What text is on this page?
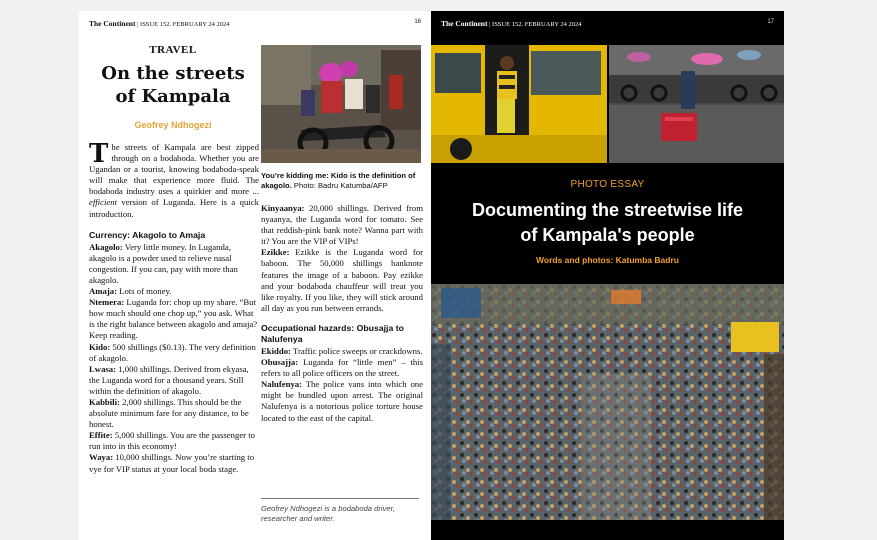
The Continent | ISSUE 152. FEBRUARY 24 2024	16
TRAVEL
On the streets
of Kampala
Geofrey Ndhogezi

The streets of Kampala are best zipped through on a bodaboda. Whether you are Ugandan or a tourist, knowing bodaboda-speak will make that experience more fluid. The bodaboda industry uses a quirkier and more ... efficient version of Luganda. Here is a quick introduction.

Currency: Akagolo to Amaja

Akagolo: Very little money. In Luganda, akagolo is a powder used to relieve nasal congestion. If you can, pay with more than akagolo.

Amaja: Lots of money.

Ntemera: Luganda for: chop up my share. “But how much should one chop up,” you ask. What is the right balance between akagolo and amaja? Keep reading.

Kido: 500 shillings ($0.13). The very definition of akagolo.

Lwasa: 1,000 shillings. Derived from ekyasa, the Luganda word for a thousand years. Still within the definition of akagolo.

Kabbili: 2,000 shillings. This should be the absolute minimum fare for any distance, to be honest.

Effite: 5,000 shillings. You are the passenger to run into in this economy!

Waya: 10,000 shillings. Now you’re starting to vye for VIP status at your local boda stage.

You’re kidding me: Kido is the definition of akagolo. Photo: Badru Katumba/AFP

Kinyaanya: 20,000 shillings. Derived from nyaanya, the Luganda word for tomato. See that reddish-pink bank note? Wanna part with it? You are the VIP of VIPs!

Ezikke: Ezikke is the Luganda word for baboon. The 50,000 shillings banknote features the image of a baboon. Pay ezikke and your bodaboda chauffeur will treat you like royalty. If you like, they will stick around all day as you run between errands.

Occupational hazards: Obusajja to Nalufenya

Ekiddo: Traffic police sweeps or crackdowns.

Obusajja: Luganda for “little men” – this refers to all police officers on the street.

Nalufenya: The police vans into which one might be bundled upon arrest. The original Nalufenya is a notorious police torture house located to the east of the capital.

Geofrey Ndhogezi is a bodaboda driver, researcher and writer.
The Continent | ISSUE 152. FEBRUARY 24 2024	17
PHOTO ESSAY
Documenting the streetwise life
of Kampala's people
Words and photos: Katumba Badru
